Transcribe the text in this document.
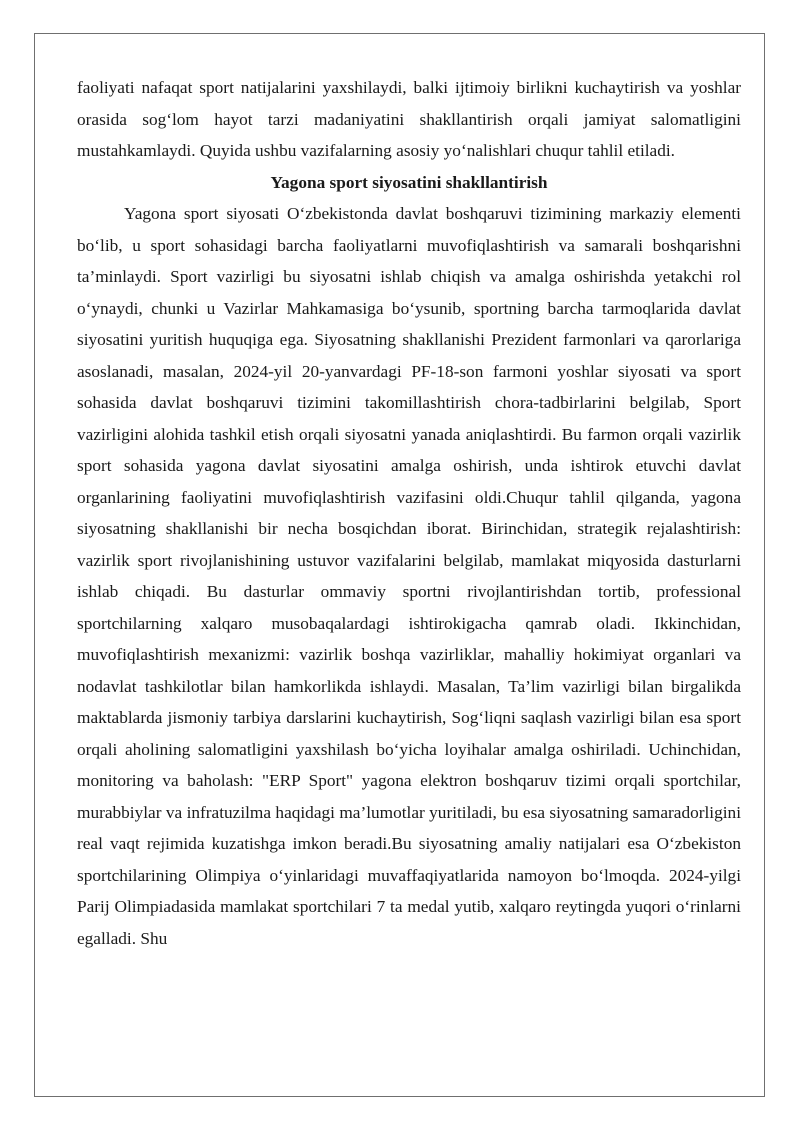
faoliyati nafaqat sport natijalarini yaxshilaydi, balki ijtimoiy birlikni kuchaytirish va yoshlar orasida sog‘lom hayot tarzi madaniyatini shakllantirish orqali jamiyat salomatligini mustahkamlaydi. Quyida ushbu vazifalarning asosiy yo‘nalishlari chuqur tahlil etiladi.

Yagona sport siyosatini shakllantirish

Yagona sport siyosati O‘zbekistonda davlat boshqaruvi tizimining markaziy elementi bo‘lib, u sport sohasidagi barcha faoliyatlarni muvofiqlashtirish va samarali boshqarishni ta’minlaydi. Sport vazirligi bu siyosatni ishlab chiqish va amalga oshirishda yetakchi rol o‘ynaydi, chunki u Vazirlar Mahkamasiga bo‘ysunib, sportning barcha tarmoqlarida davlat siyosatini yuritish huquqiga ega. Siyosatning shakllanishi Prezident farmonlari va qarorlariga asoslanadi, masalan, 2024-yil 20-yanvardagi PF-18-son farmoni yoshlar siyosati va sport sohasida davlat boshqaruvi tizimini takomillashtirish chora-tadbirlarini belgilab, Sport vazirligini alohida tashkil etish orqali siyosatni yanada aniqlashtirdi. Bu farmon orqali vazirlik sport sohasida yagona davlat siyosatini amalga oshirish, unda ishtirok etuvchi davlat organlarining faoliyatini muvofiqlashtirish vazifasini oldi.Chuqur tahlil qilganda, yagona siyosatning shakllanishi bir necha bosqichdan iborat. Birinchidan, strategik rejalashtirish: vazirlik sport rivojlanishining ustuvor vazifalarini belgilab, mamlakat miqyosida dasturlarni ishlab chiqadi. Bu dasturlar ommaviy sportni rivojlantirishdan tortib, professional sportchilarning xalqaro musobaqalardagi ishtirokigacha qamrab oladi. Ikkinchidan, muvofiqlashtirish mexanizmi: vazirlik boshqa vazirliklar, mahalliy hokimiyat organlari va nodavlat tashkilotlar bilan hamkorlikda ishlaydi. Masalan, Ta’lim vazirligi bilan birgalikda maktablarda jismoniy tarbiya darslarini kuchaytirish, Sog‘liqni saqlash vazirligi bilan esa sport orqali aholining salomatligini yaxshilash bo‘yicha loyihalar amalga oshiriladi. Uchinchidan, monitoring va baholash: "ERP Sport" yagona elektron boshqaruv tizimi orqali sportchilar, murabbiylar va infratuzilma haqidagi ma’lumotlar yuritiladi, bu esa siyosatning samaradorligini real vaqt rejimida kuzatishga imkon beradi.Bu siyosatning amaliy natijalari esa O‘zbekiston sportchilarining Olimpiya o‘yinlaridagi muvaffaqiyatlarida namoyon bo‘lmoqda. 2024-yilgi Parij Olimpiadasida mamlakat sportchilari 7 ta medal yutib, xalqaro reytingda yuqori o‘rinlarni egalladi. Shu
